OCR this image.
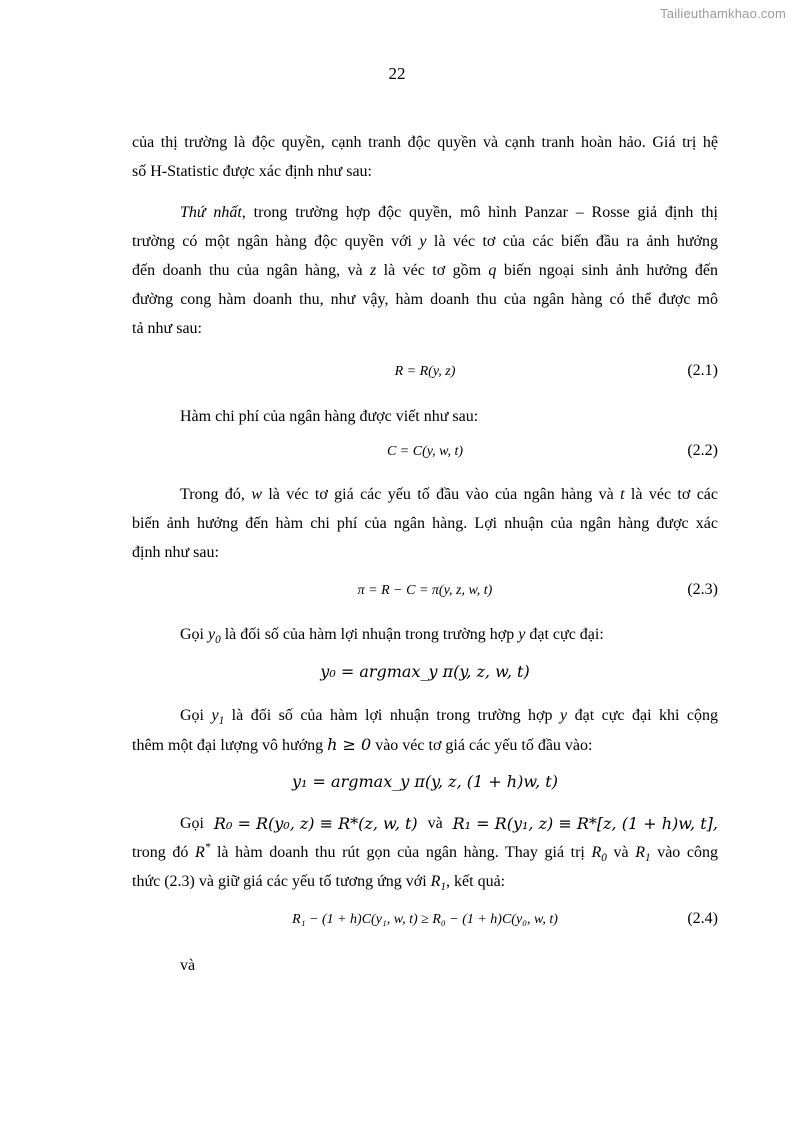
Tailieuthamkhao.com
22
của thị trường là độc quyền, cạnh tranh độc quyền và cạnh tranh hoàn hảo. Giá trị hệ
số H-Statistic được xác định như sau:
Thứ nhất, trong trường hợp độc quyền, mô hình Panzar – Rosse giả định thị
trường có một ngân hàng độc quyền với y là véc tơ của các biến đầu ra ảnh hưởng
đến doanh thu của ngân hàng, và z là véc tơ gồm q biến ngoại sinh ảnh hưởng đến
đường cong hàm doanh thu, như vậy, hàm doanh thu của ngân hàng có thể được mô
tả như sau:
R = R(y, z)	(2.1)
Hàm chi phí của ngân hàng được viết như sau:
C = C(y, w, t)	(2.2)
Trong đó, w là véc tơ giá các yếu tố đầu vào của ngân hàng và t là véc tơ các
biến ảnh hưởng đến hàm chi phí của ngân hàng. Lợi nhuận của ngân hàng được xác
định như sau:
π = R − C = π(y, z, w, t)	(2.3)
Gọi $y_0$ là đối số của hàm lợi nhuận trong trường hợp y đạt cực đại:
y₀ = argmax_y π(y, z, w, t)
Gọi $y_1$ là đối số của hàm lợi nhuận trong trường hợp y đạt cực đại khi cộng
thêm một đại lượng vô hướng h ≥ 0 vào véc tơ giá các yếu tố đầu vào:
y₁ = argmax_y π(y, z, (1 + h)w, t)
Gọi R₀ = R(y₀, z) ≡ R*(z, w, t) và R₁ = R(y₁, z) ≡ R*[z, (1 + h)w, t],
trong đó R* là hàm doanh thu rút gọn của ngân hàng. Thay giá trị $R_0$ và $R_1$ vào công
thức (2.3) và giữ giá các yếu tố tương ứng với $R_1$, kết quả:
R₁ − (1 + h)C(y₁, w, t) ≥ R₀ − (1 + h)C(y₀, w, t)	(2.4)
và
